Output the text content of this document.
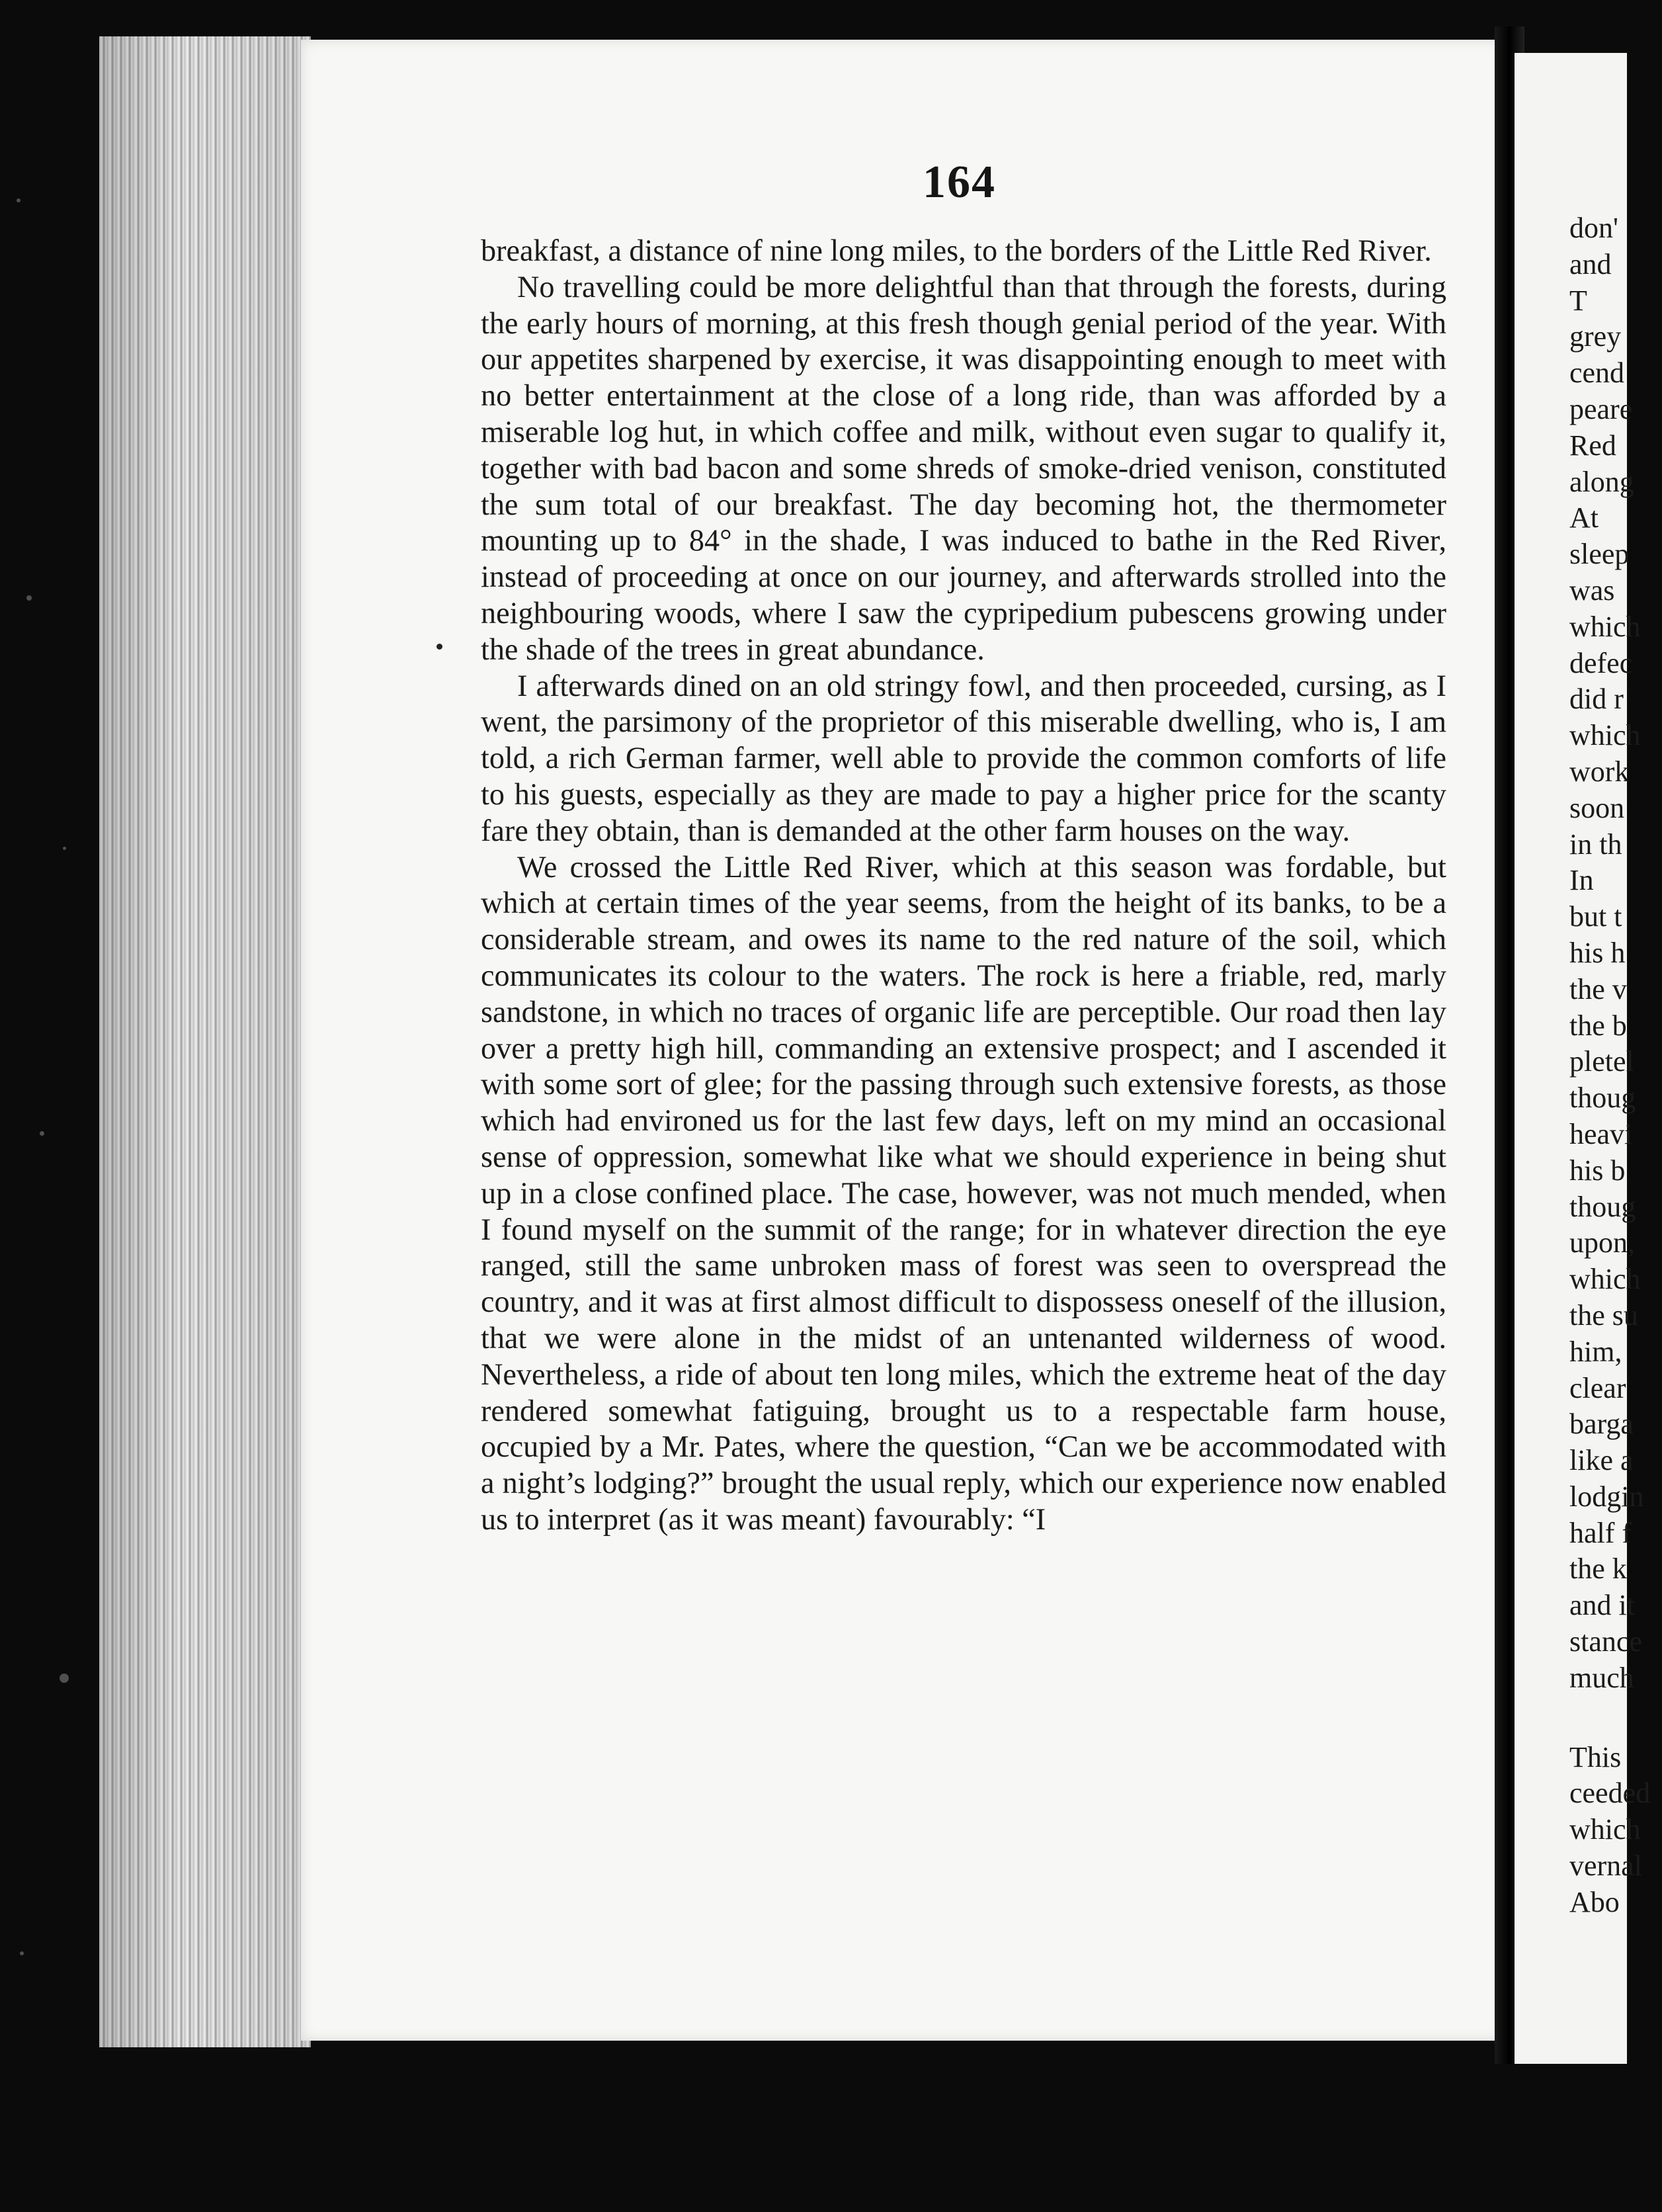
164

breakfast, a distance of nine long miles, to the borders of the Little Red River.

No travelling could be more delightful than that through the forests, during the early hours of morning, at this fresh though genial period of the year. With our appetites sharpened by exercise, it was disappointing enough to meet with no better entertainment at the close of a long ride, than was afforded by a miserable log hut, in which coffee and milk, without even sugar to qualify it, together with bad bacon and some shreds of smoke-dried venison, constituted the sum total of our breakfast. The day becoming hot, the thermometer mounting up to 84° in the shade, I was induced to bathe in the Red River, instead of proceeding at once on our journey, and afterwards strolled into the neighbouring woods, where I saw the cypripedium pubescens growing under the shade of the trees in great abundance.

I afterwards dined on an old stringy fowl, and then proceeded, cursing, as I went, the parsimony of the proprietor of this miserable dwelling, who is, I am told, a rich German farmer, well able to provide the common comforts of life to his guests, especially as they are made to pay a higher price for the scanty fare they obtain, than is demanded at the other farm houses on the way.

We crossed the Little Red River, which at this season was fordable, but which at certain times of the year seems, from the height of its banks, to be a considerable stream, and owes its name to the red nature of the soil, which communicates its colour to the waters. The rock is here a friable, red, marly sandstone, in which no traces of organic life are perceptible. Our road then lay over a pretty high hill, commanding an extensive prospect; and I ascended it with some sort of glee; for the passing through such extensive forests, as those which had environed us for the last few days, left on my mind an occasional sense of oppression, somewhat like what we should experience in being shut up in a close confined place. The case, however, was not much mended, when I found myself on the summit of the range; for in whatever direction the eye ranged, still the same unbroken mass of forest was seen to overspread the country, and it was at first almost difficult to dispossess oneself of the illusion, that we were alone in the midst of an untenanted wilderness of wood. Nevertheless, a ride of about ten long miles, which the extreme heat of the day rendered somewhat fatiguing, brought us to a respectable farm house, occupied by a Mr. Pates, where the question, “Can we be accommodated with a night’s lodging?” brought the usual reply, which our experience now enabled us to interpret (as it was meant) favourably: “I

don'
and
T
grey
cend
peare
Red
along
At
sleep
was
which
defec
did r
which
work
soon
in th
In
but t
his h
the v
the b
pletel
thoug
heavi
his b
thoug
upon,
which
the su
him,
clear
barga
like a
lodgin
half f
the k
and it
stance
much
This
ceeded
which
vernal
Abo
